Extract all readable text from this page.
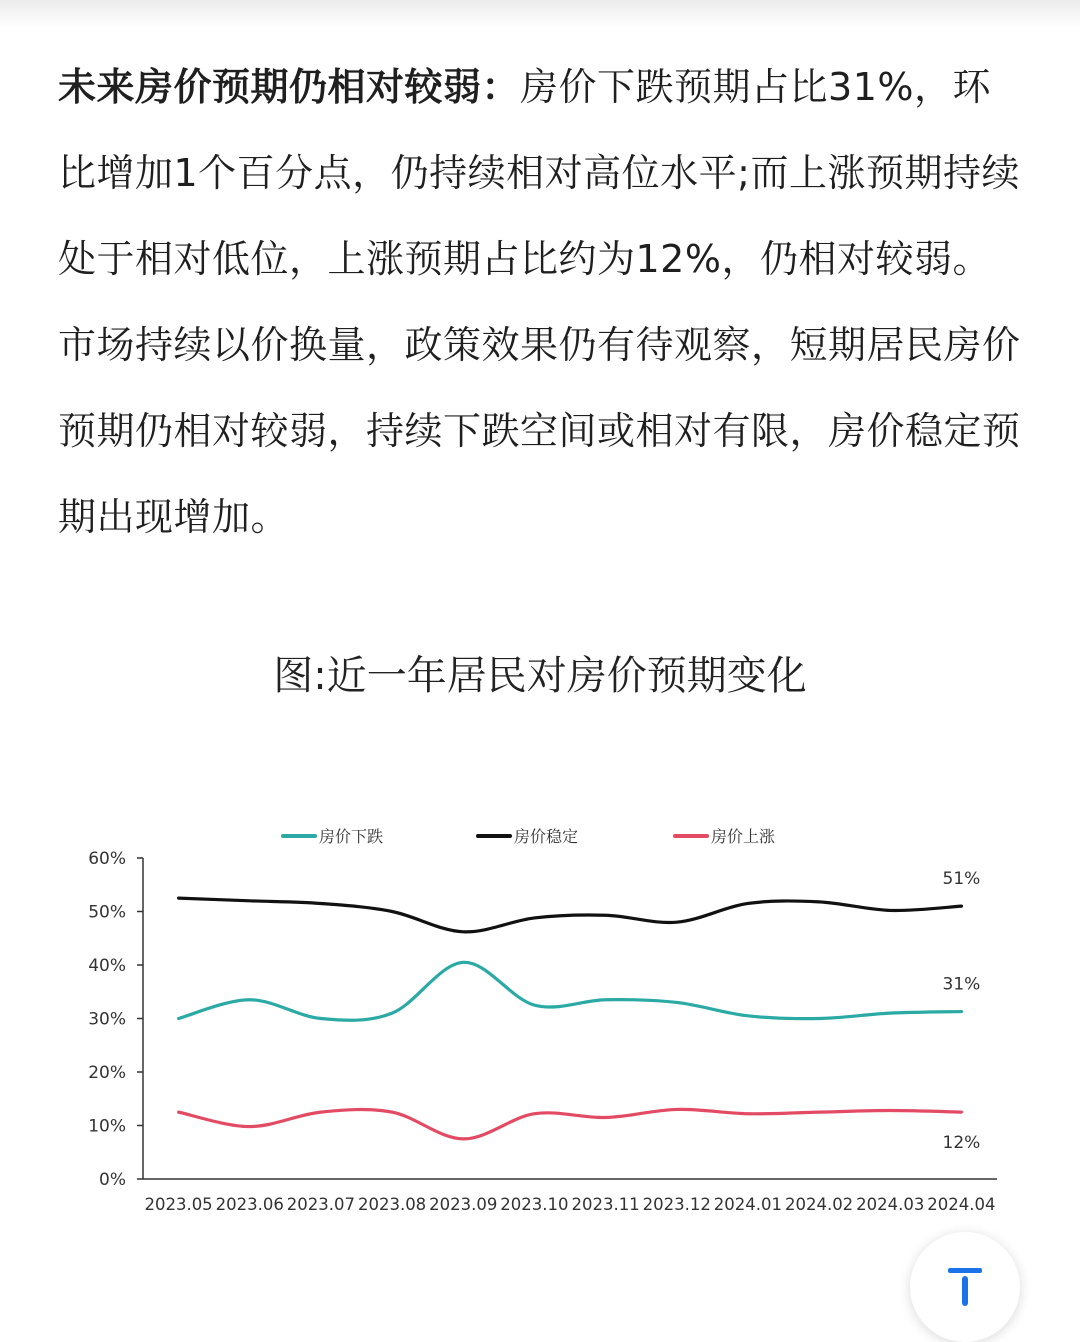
未来房价预期仍相对较弱：房价下跌预期占比31%，环比增加1个百分点，仍持续相对高位水平;而上涨预期持续处于相对低位，上涨预期占比约为12%，仍相对较弱。市场持续以价换量，政策效果仍有待观察，短期居民房价预期仍相对较弱，持续下跌空间或相对有限，房价稳定预期出现增加。

图:近一年居民对房价预期变化
0%
10%
20%
30%
40%
50%
60%
2023.05 2023.06 2023.07 2023.08 2023.09 2023.10 2023.11 2023.12 2024.01 2024.02 2024.03 2024.04
房价下跌	房价稳定	房价上涨
31%
51%
12%
